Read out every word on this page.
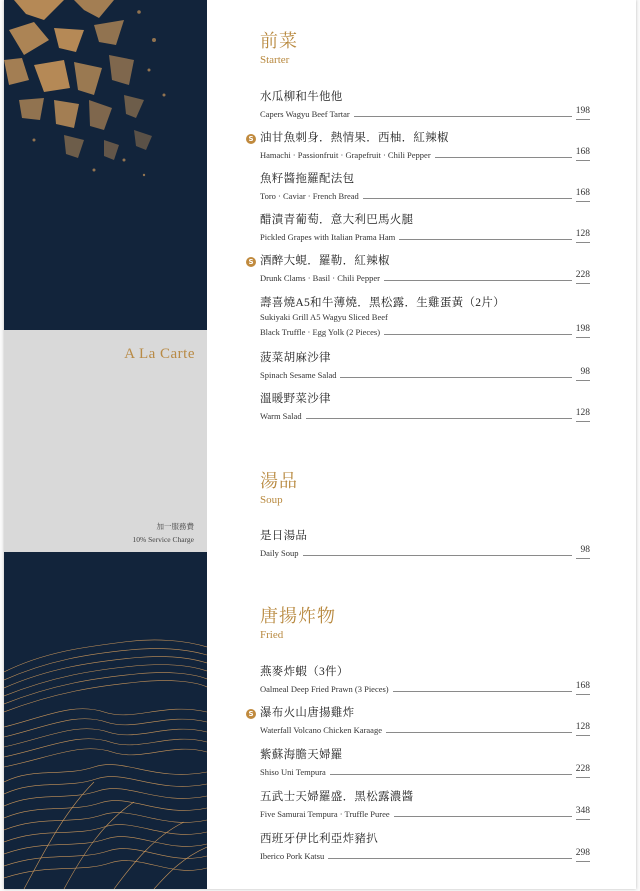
A La Carte
加一服務費
10% Service Charge
前菜
Starter
水瓜柳和牛他他
Capers Wagyu Beef Tartar	198
S 油甘魚刺身．熱情果．西柚．紅辣椒
Hamachi · Passionfruit · Grapefruit · Chili Pepper	168
魚籽醬拖羅配法包
Toro · Caviar · French Bread	168
醋漬青葡萄．意大利巴馬火腿
Pickled Grapes with Italian Prama Ham	128
S 酒醉大蜆．羅勒．紅辣椒
Drunk Clams · Basil · Chili Pepper	228
壽喜燒A5和牛薄燒．黑松露．生雞蛋黃（2片）
Sukiyaki Grill A5 Wagyu Sliced Beef
Black Truffle · Egg Yolk (2 Pieces)	198
菠菜胡麻沙律
Spinach Sesame Salad	98
溫暖野菜沙律
Warm Salad	128
湯品
Soup
是日湯品
Daily Soup	98
唐揚炸物
Fried
燕麥炸蝦（3件）
Oalmeal Deep Fried Prawn (3 Pieces)	168
S 瀑布火山唐揚雞炸
Waterfall Volcano Chicken Karaage	128
紫蘇海膽天婦羅
Shiso Uni Tempura	228
五武士天婦羅盛．黑松露濃醬
Five Samurai Tempura · Truffle Puree	348
西班牙伊比利亞炸豬扒
Iberico Pork Katsu	298
